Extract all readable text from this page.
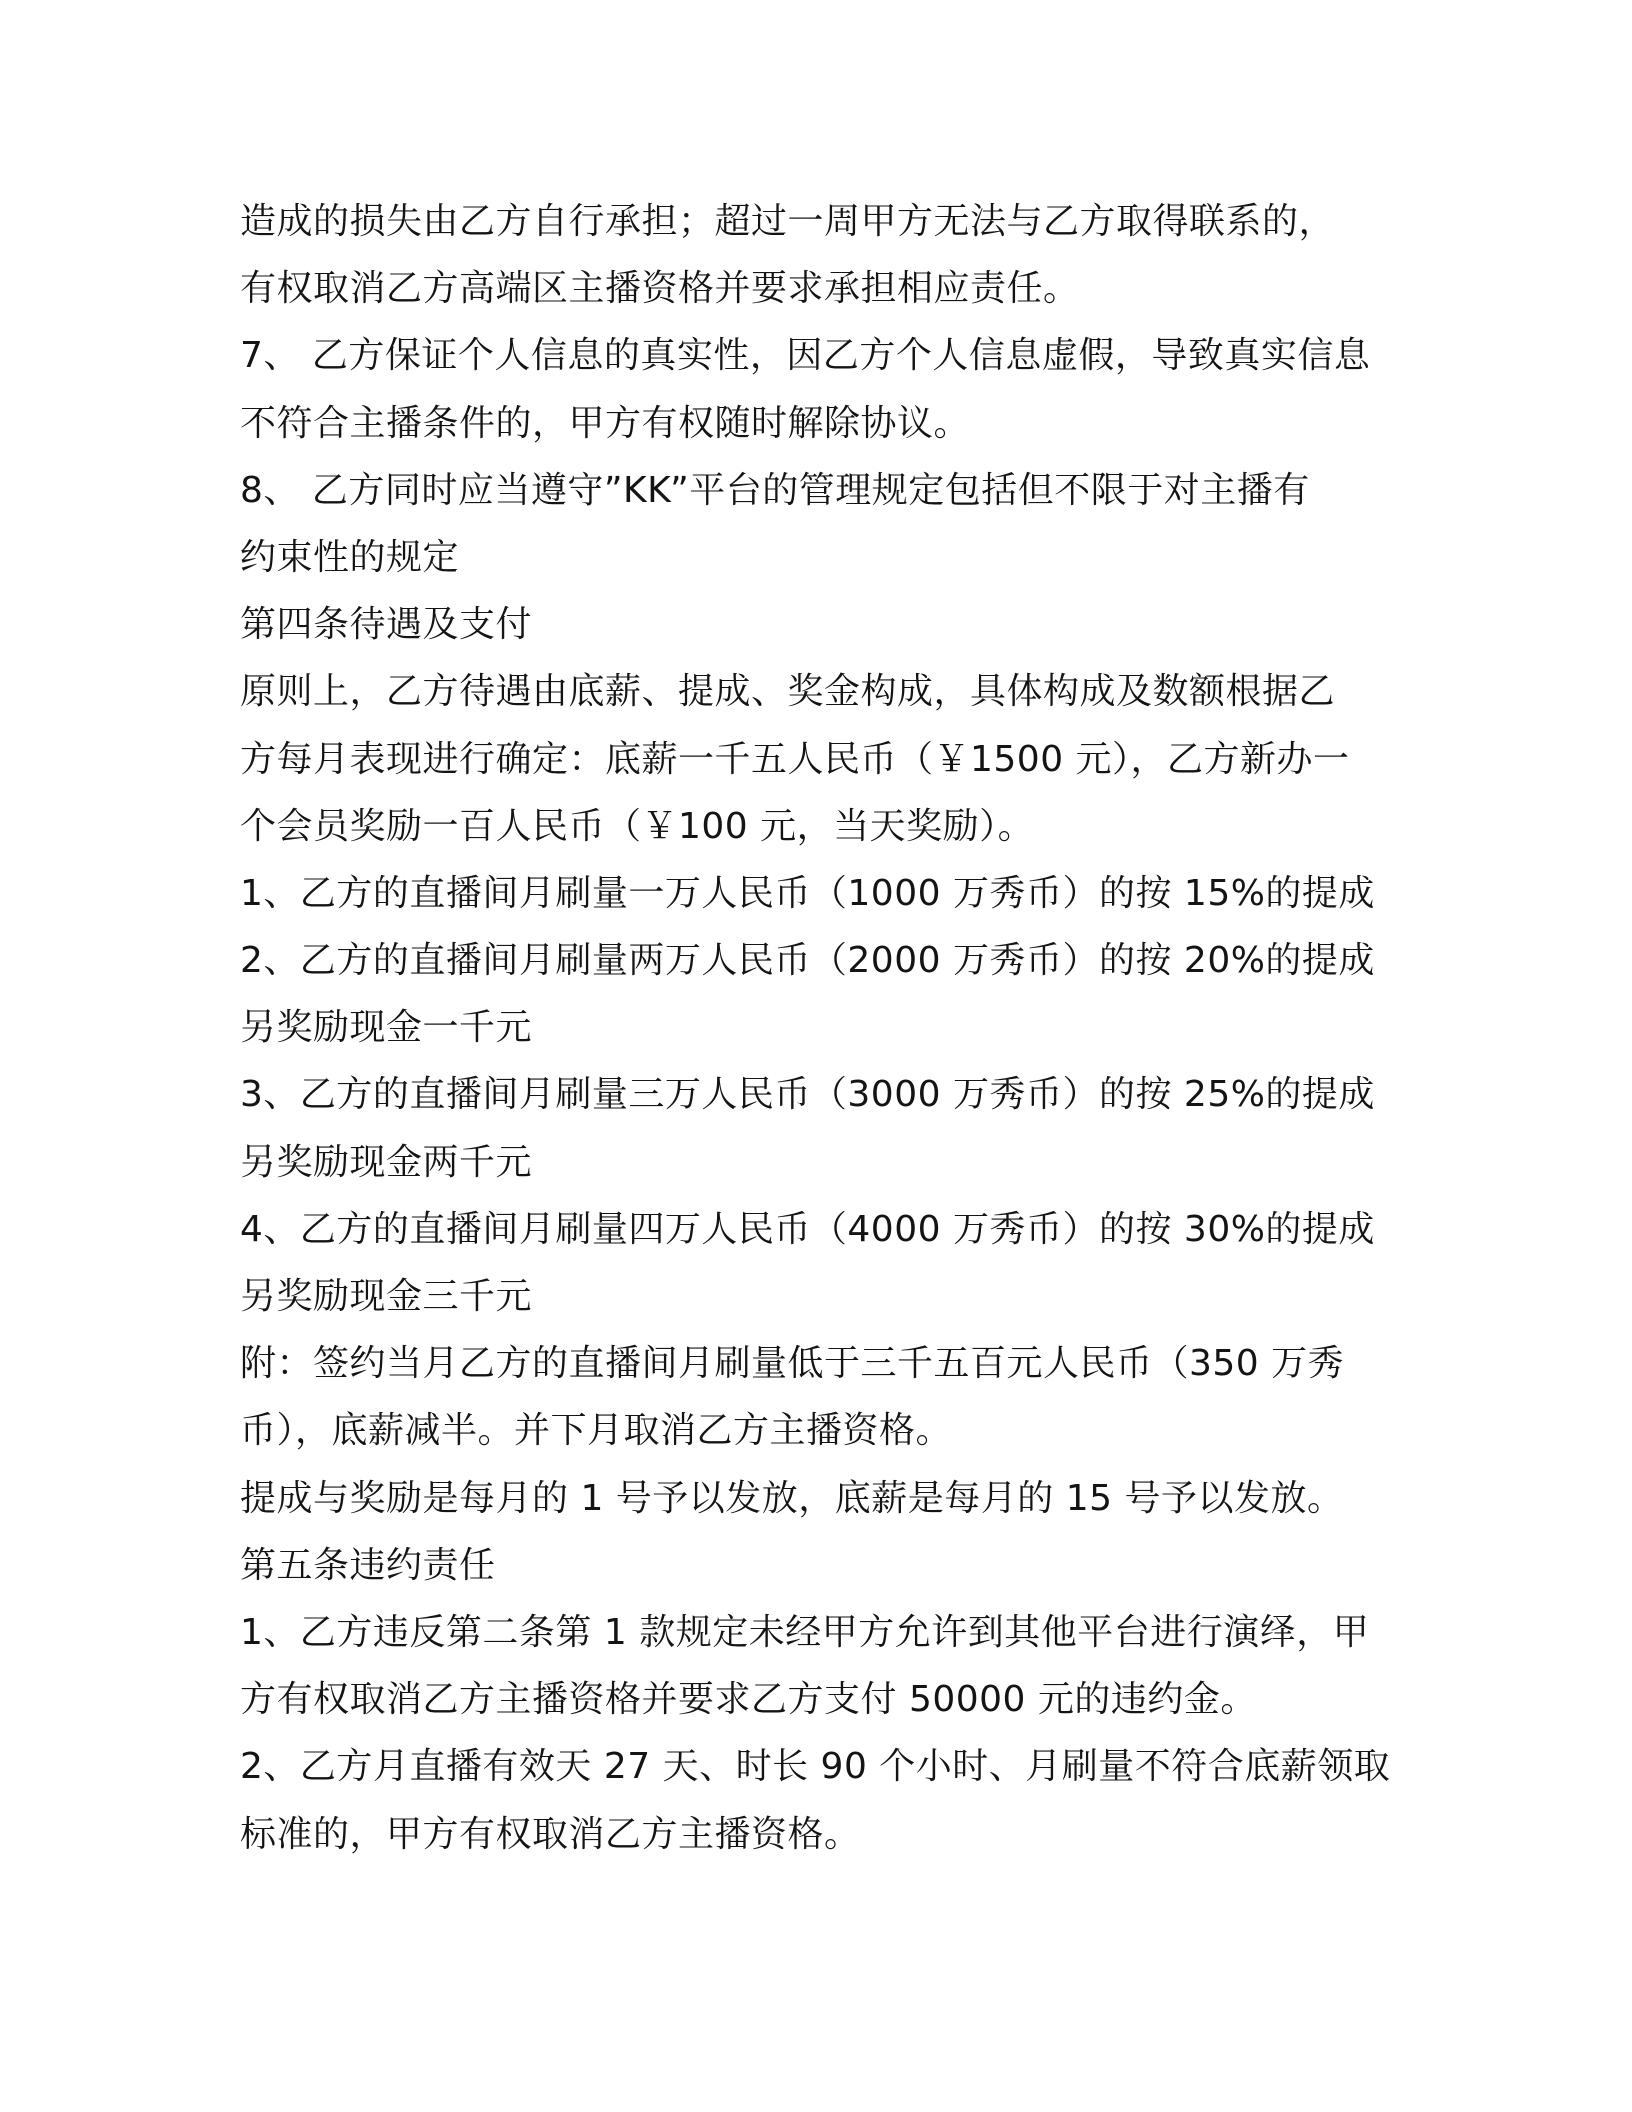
造成的损失由乙方自行承担；超过一周甲方无法与乙方取得联系的，
有权取消乙方高端区主播资格并要求承担相应责任。
7、 乙方保证个人信息的真实性，因乙方个人信息虚假，导致真实信息
不符合主播条件的，甲方有权随时解除协议。
8、 乙方同时应当遵守”KK”平台的管理规定包括但不限于对主播有
约束性的规定
第四条待遇及支付
原则上，乙方待遇由底薪、提成、奖金构成，具体构成及数额根据乙
方每月表现进行确定：底薪一千五人民币（￥1500 元），乙方新办一
个会员奖励一百人民币（￥100 元，当天奖励）。
1、乙方的直播间月刷量一万人民币（1000 万秀币）的按 15%的提成
2、乙方的直播间月刷量两万人民币（2000 万秀币）的按 20%的提成
另奖励现金一千元
3、乙方的直播间月刷量三万人民币（3000 万秀币）的按 25%的提成
另奖励现金两千元
4、乙方的直播间月刷量四万人民币（4000 万秀币）的按 30%的提成
另奖励现金三千元
附：签约当月乙方的直播间月刷量低于三千五百元人民币（350 万秀
币），底薪减半。并下月取消乙方主播资格。
提成与奖励是每月的 1 号予以发放，底薪是每月的 15 号予以发放。
第五条违约责任
1、乙方违反第二条第 1 款规定未经甲方允许到其他平台进行演绎，甲
方有权取消乙方主播资格并要求乙方支付 50000 元的违约金。
2、乙方月直播有效天 27 天、时长 90 个小时、月刷量不符合底薪领取
标准的，甲方有权取消乙方主播资格。
